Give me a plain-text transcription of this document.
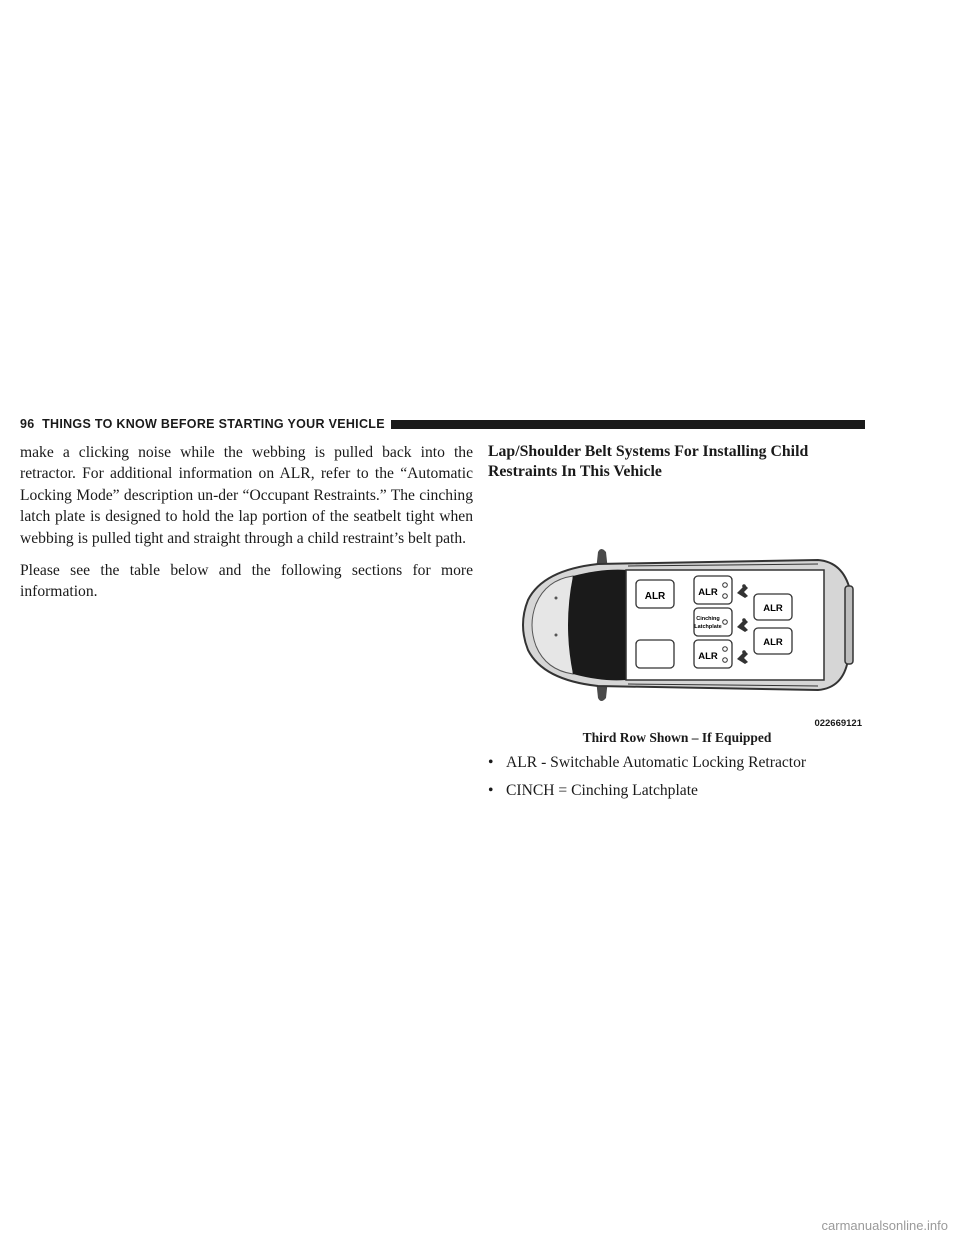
96 THINGS TO KNOW BEFORE STARTING YOUR VEHICLE

make a clicking noise while the webbing is pulled back into the retractor. For additional information on ALR, refer to the “Automatic Locking Mode” description un-der “Occupant Restraints.” The cinching latch plate is designed to hold the lap portion of the seatbelt tight when webbing is pulled tight and straight through a child restraint’s belt path.

Please see the table below and the following sections for more information.

Lap/Shoulder Belt Systems For Installing Child Restraints In This Vehicle
ALR	ALR
Cinching
Latchplate
ALR
ALR
ALR
022669121
Third Row Shown – If Equipped
• ALR - Switchable Automatic Locking Retractor
• CINCH = Cinching Latchplate
carmanualsonline.info
